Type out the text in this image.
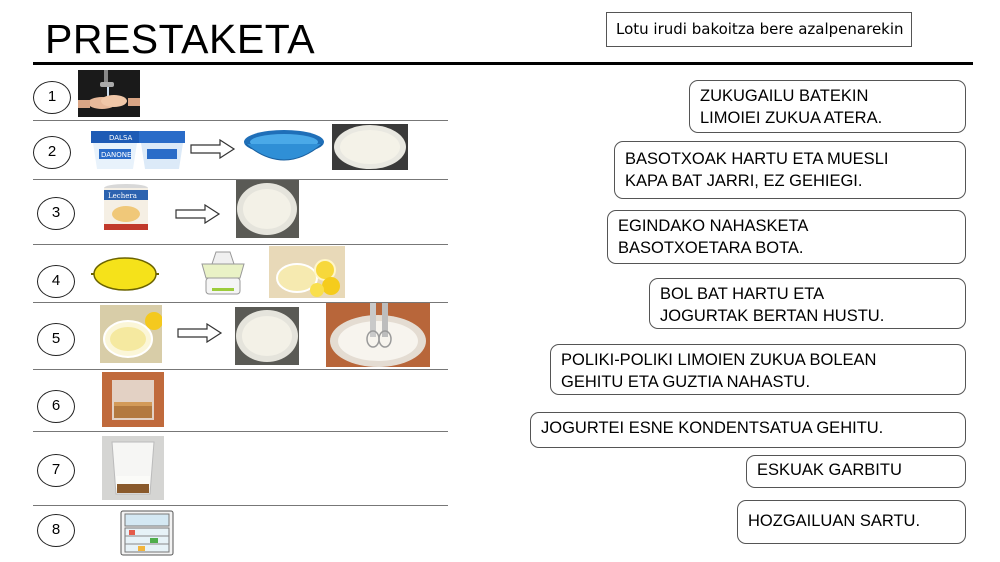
PRESTAKETA	Lotu irudi bakoitza bere azalpenarekin
1
2
3
4
5
6
7
8
DALSA
DANONE
Lechera
ZUKUGAILU BATEKIN
LIMOIEI ZUKUA ATERA.
BASOTXOAK HARTU ETA MUESLI
KAPA BAT JARRI, EZ GEHIEGI.
EGINDAKO NAHASKETA
BASOTXOETARA BOTA.
BOL BAT HARTU ETA
JOGURTAK BERTAN HUSTU.
POLIKI-POLIKI LIMOIEN ZUKUA BOLEAN
GEHITU ETA GUZTIA NAHASTU.
JOGURTEI ESNE KONDENTSATUA GEHITU.
ESKUAK GARBITU
HOZGAILUAN SARTU.
